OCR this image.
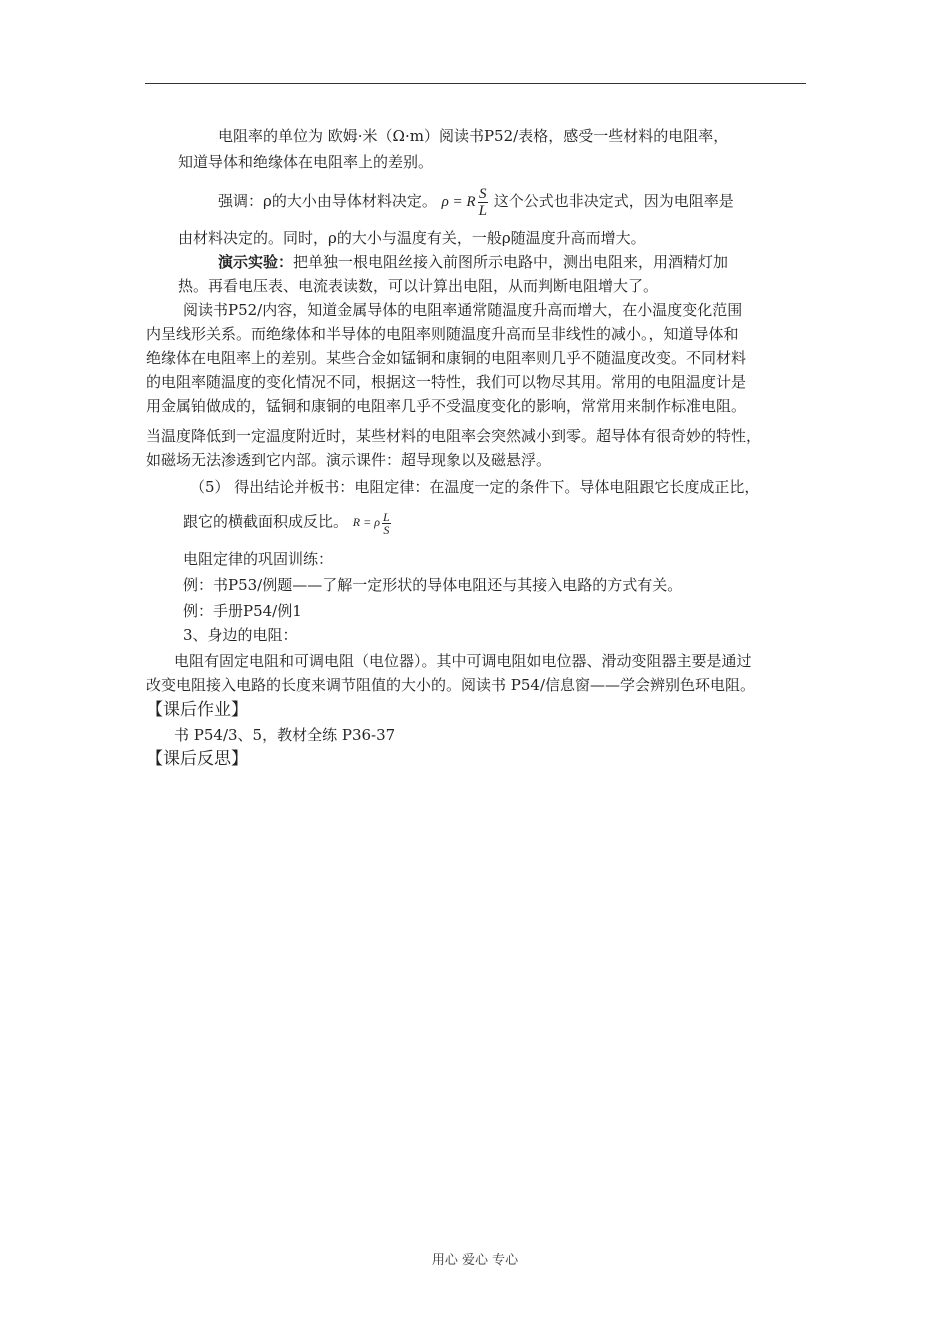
电阻率的单位为 欧姆·米（Ω·m）阅读书P52/表格，感受一些材料的电阻率，
知道导体和绝缘体在电阻率上的差别。
强调：ρ的大小由导体材料决定。 ρ = R $\frac{S}{L}$ 这个公式也非决定式，因为电阻率是
由材料决定的。同时，ρ的大小与温度有关，一般ρ随温度升高而增大。
演示实验：把单独一根电阻丝接入前图所示电路中，测出电阻来，用酒精灯加
热。再看电压表、电流表读数，可以计算出电阻，从而判断电阻增大了。
阅读书P52/内容，知道金属导体的电阻率通常随温度升高而增大，在小温度变化范围
内呈线形关系。而绝缘体和半导体的电阻率则随温度升高而呈非线性的减小。，知道导体和
绝缘体在电阻率上的差别。某些合金如锰铜和康铜的电阻率则几乎不随温度改变。不同材料
的电阻率随温度的变化情况不同，根据这一特性，我们可以物尽其用。常用的电阻温度计是
用金属铂做成的，锰铜和康铜的电阻率几乎不受温度变化的影响，常常用来制作标准电阻。
当温度降低到一定温度附近时，某些材料的电阻率会突然减小到零。超导体有很奇妙的特性，
如磁场无法渗透到它内部。演示课件：超导现象以及磁悬浮。
（5） 得出结论并板书：电阻定律：在温度一定的条件下。导体电阻跟它长度成正比，
跟它的横截面积成反比。 R = ρ $\frac{L}{S}$
电阻定律的巩固训练：
例：书P53/例题——了解一定形状的导体电阻还与其接入电路的方式有关。
例：手册P54/例1
3、身边的电阻：
电阻有固定电阻和可调电阻（电位器）。其中可调电阻如电位器、滑动变阻器主要是通过
改变电阻接入电路的长度来调节阻值的大小的。阅读书 P54/信息窗——学会辨别色环电阻。
【课后作业】
书 P54/3、5，教材全练 P36-37
【课后反思】
用心 爱心 专心
